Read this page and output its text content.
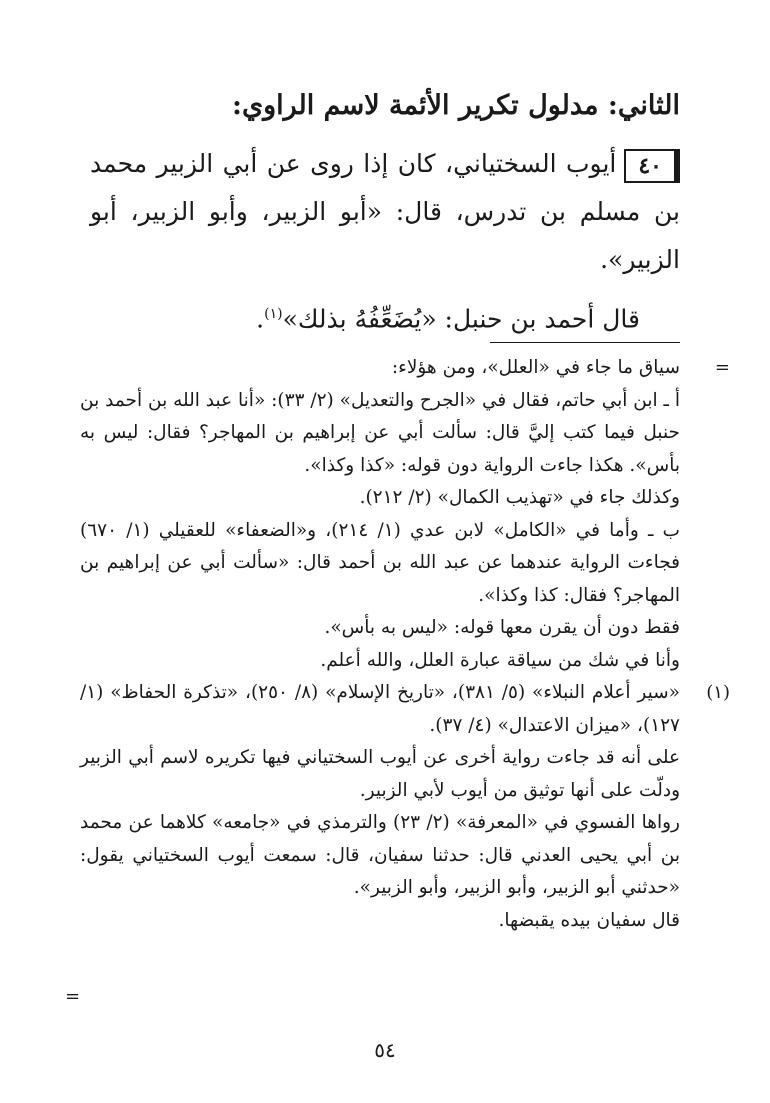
الثاني: مدلول تكرير الأئمة لاسم الراوي:

٤٠أيوب السختياني، كان إذا روى عن أبي الزبير محمد بن مسلم بن تدرس، قال: «أبو الزبير، وأبو الزبير، أبو الزبير».

قال أحمد بن حنبل: «يُضَعِّفُهُ بذلك»$^{(١)}$.

=

سياق ما جاء في «العلل»، ومن هؤلاء:

أ ـ ابن أبي حاتم، فقال في «الجرح والتعديل» (٢/ ٣٣): «أنا عبد الله بن أحمد بن حنبل فيما كتب إليَّ قال: سألت أبي عن إبراهيم بن المهاجر؟ فقال: ليس به بأس». هكذا جاءت الرواية دون قوله: «كذا وكذا».

وكذلك جاء في «تهذيب الكمال» (٢/ ٢١٢).

ب ـ وأما في «الكامل» لابن عدي (١/ ٢١٤)، و«الضعفاء» للعقيلي (١/ ٦٧٠) فجاءت الرواية عندهما عن عبد الله بن أحمد قال: «سألت أبي عن إبراهيم بن المهاجر؟ فقال: كذا وكذا».

فقط دون أن يقرن معها قوله: «ليس به بأس».

وأنا في شك من سياقة عبارة العلل، والله أعلم.

(١)

«سير أعلام النبلاء» (٥/ ٣٨١)، «تاريخ الإسلام» (٨/ ٢٥٠)، «تذكرة الحفاظ» (١/ ١٢٧)، «ميزان الاعتدال» (٤/ ٣٧).

على أنه قد جاءت رواية أخرى عن أيوب السختياني فيها تكريره لاسم أبي الزبير ودلّت على أنها توثيق من أيوب لأبي الزبير.

رواها الفسوي في «المعرفة» (٢/ ٢٣) والترمذي في «جامعه» كلاهما عن محمد بن أبي يحيى العدني قال: حدثنا سفيان، قال: سمعت أيوب السختياني يقول: «حدثني أبو الزبير، وأبو الزبير، وأبو الزبير».

قال سفيان بيده يقبضها.

=
٥٤
